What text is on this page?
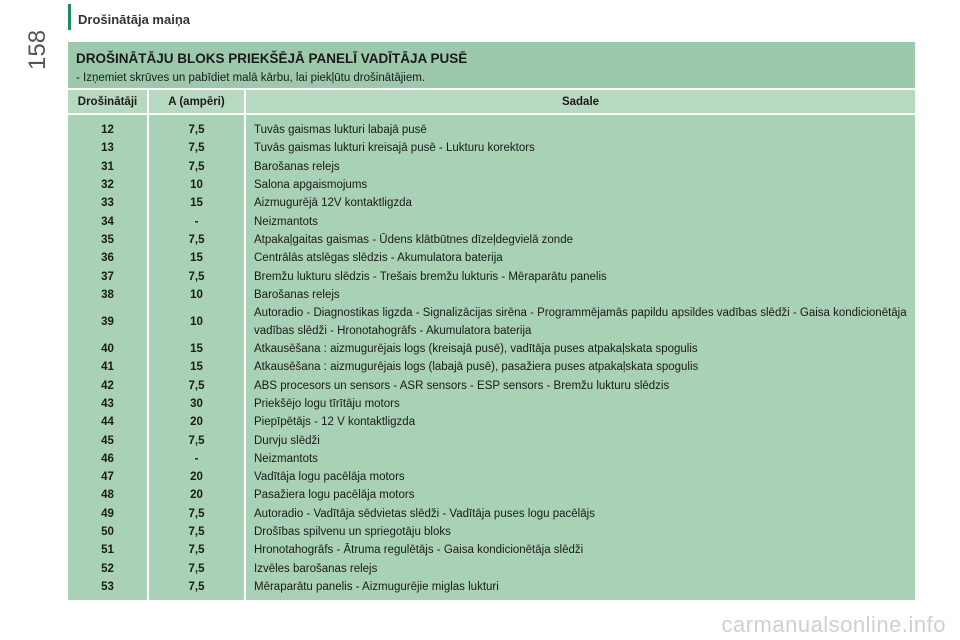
Drošinātāja maiņa
158 DROŠINĀTĀJU BLOKS PRIEKŠĒJĀ PANELĪ VADĪTĀJA PUSĒ
- Izņemiet skrūves un pabīdiet malā kārbu, lai piekļūtu drošinātājiem.
Drošinātāji	A (ampēri)	Sadale
12	7,5	Tuvās gaismas lukturi labajā pusē
13	7,5	Tuvās gaismas lukturi kreisajā pusē - Lukturu korektors
31	7,5	Barošanas relejs
32	10	Salona apgaismojums
33	15	Aizmugurējā 12V kontaktligzda
34	-	Neizmantots
35	7,5	Atpakaļgaitas gaismas - Ūdens klātbūtnes dīzeļdegvielā zonde
36	15	Centrālās atslēgas slēdzis - Akumulatora baterija
37	7,5	Bremžu lukturu slēdzis - Trešais bremžu lukturis - Mēraparātu panelis
38	10	Barošanas relejs
39	10	Autoradio - Diagnostikas ligzda - Signalizācijas sirēna - Programmējamās papildu apsildes vadības slēdži - Gaisa kondicionētāja vadības slēdži - Hronotahogrāfs - Akumulatora baterija
40	15	Atkausēšana : aizmugurējais logs (kreisajā pusē), vadītāja puses atpakaļskata spogulis
41	15	Atkausēšana : aizmugurējais logs (labajā pusē), pasažiera puses atpakaļskata spogulis
42	7,5	ABS procesors un sensors - ASR sensors - ESP sensors - Bremžu lukturu slēdzis
43	30	Priekšējo logu tīrītāju motors
44	20	Piepīpētājs - 12 V kontaktligzda
45	7,5	Durvju slēdži
46	-	Neizmantots
47	20	Vadītāja logu pacēlāja motors
48	20	Pasažiera logu pacēlāja motors
49	7,5	Autoradio - Vadītāja sēdvietas slēdži - Vadītāja puses logu pacēlājs
50	7,5	Drošības spilvenu un spriegotāju bloks
51	7,5	Hronotahogrāfs - Ātruma regulētājs - Gaisa kondicionētāja slēdži
52	7,5	Izvēles barošanas relejs
53	7,5	Mēraparātu panelis - Aizmugurējie miglas lukturi
carmanualsonline.info
